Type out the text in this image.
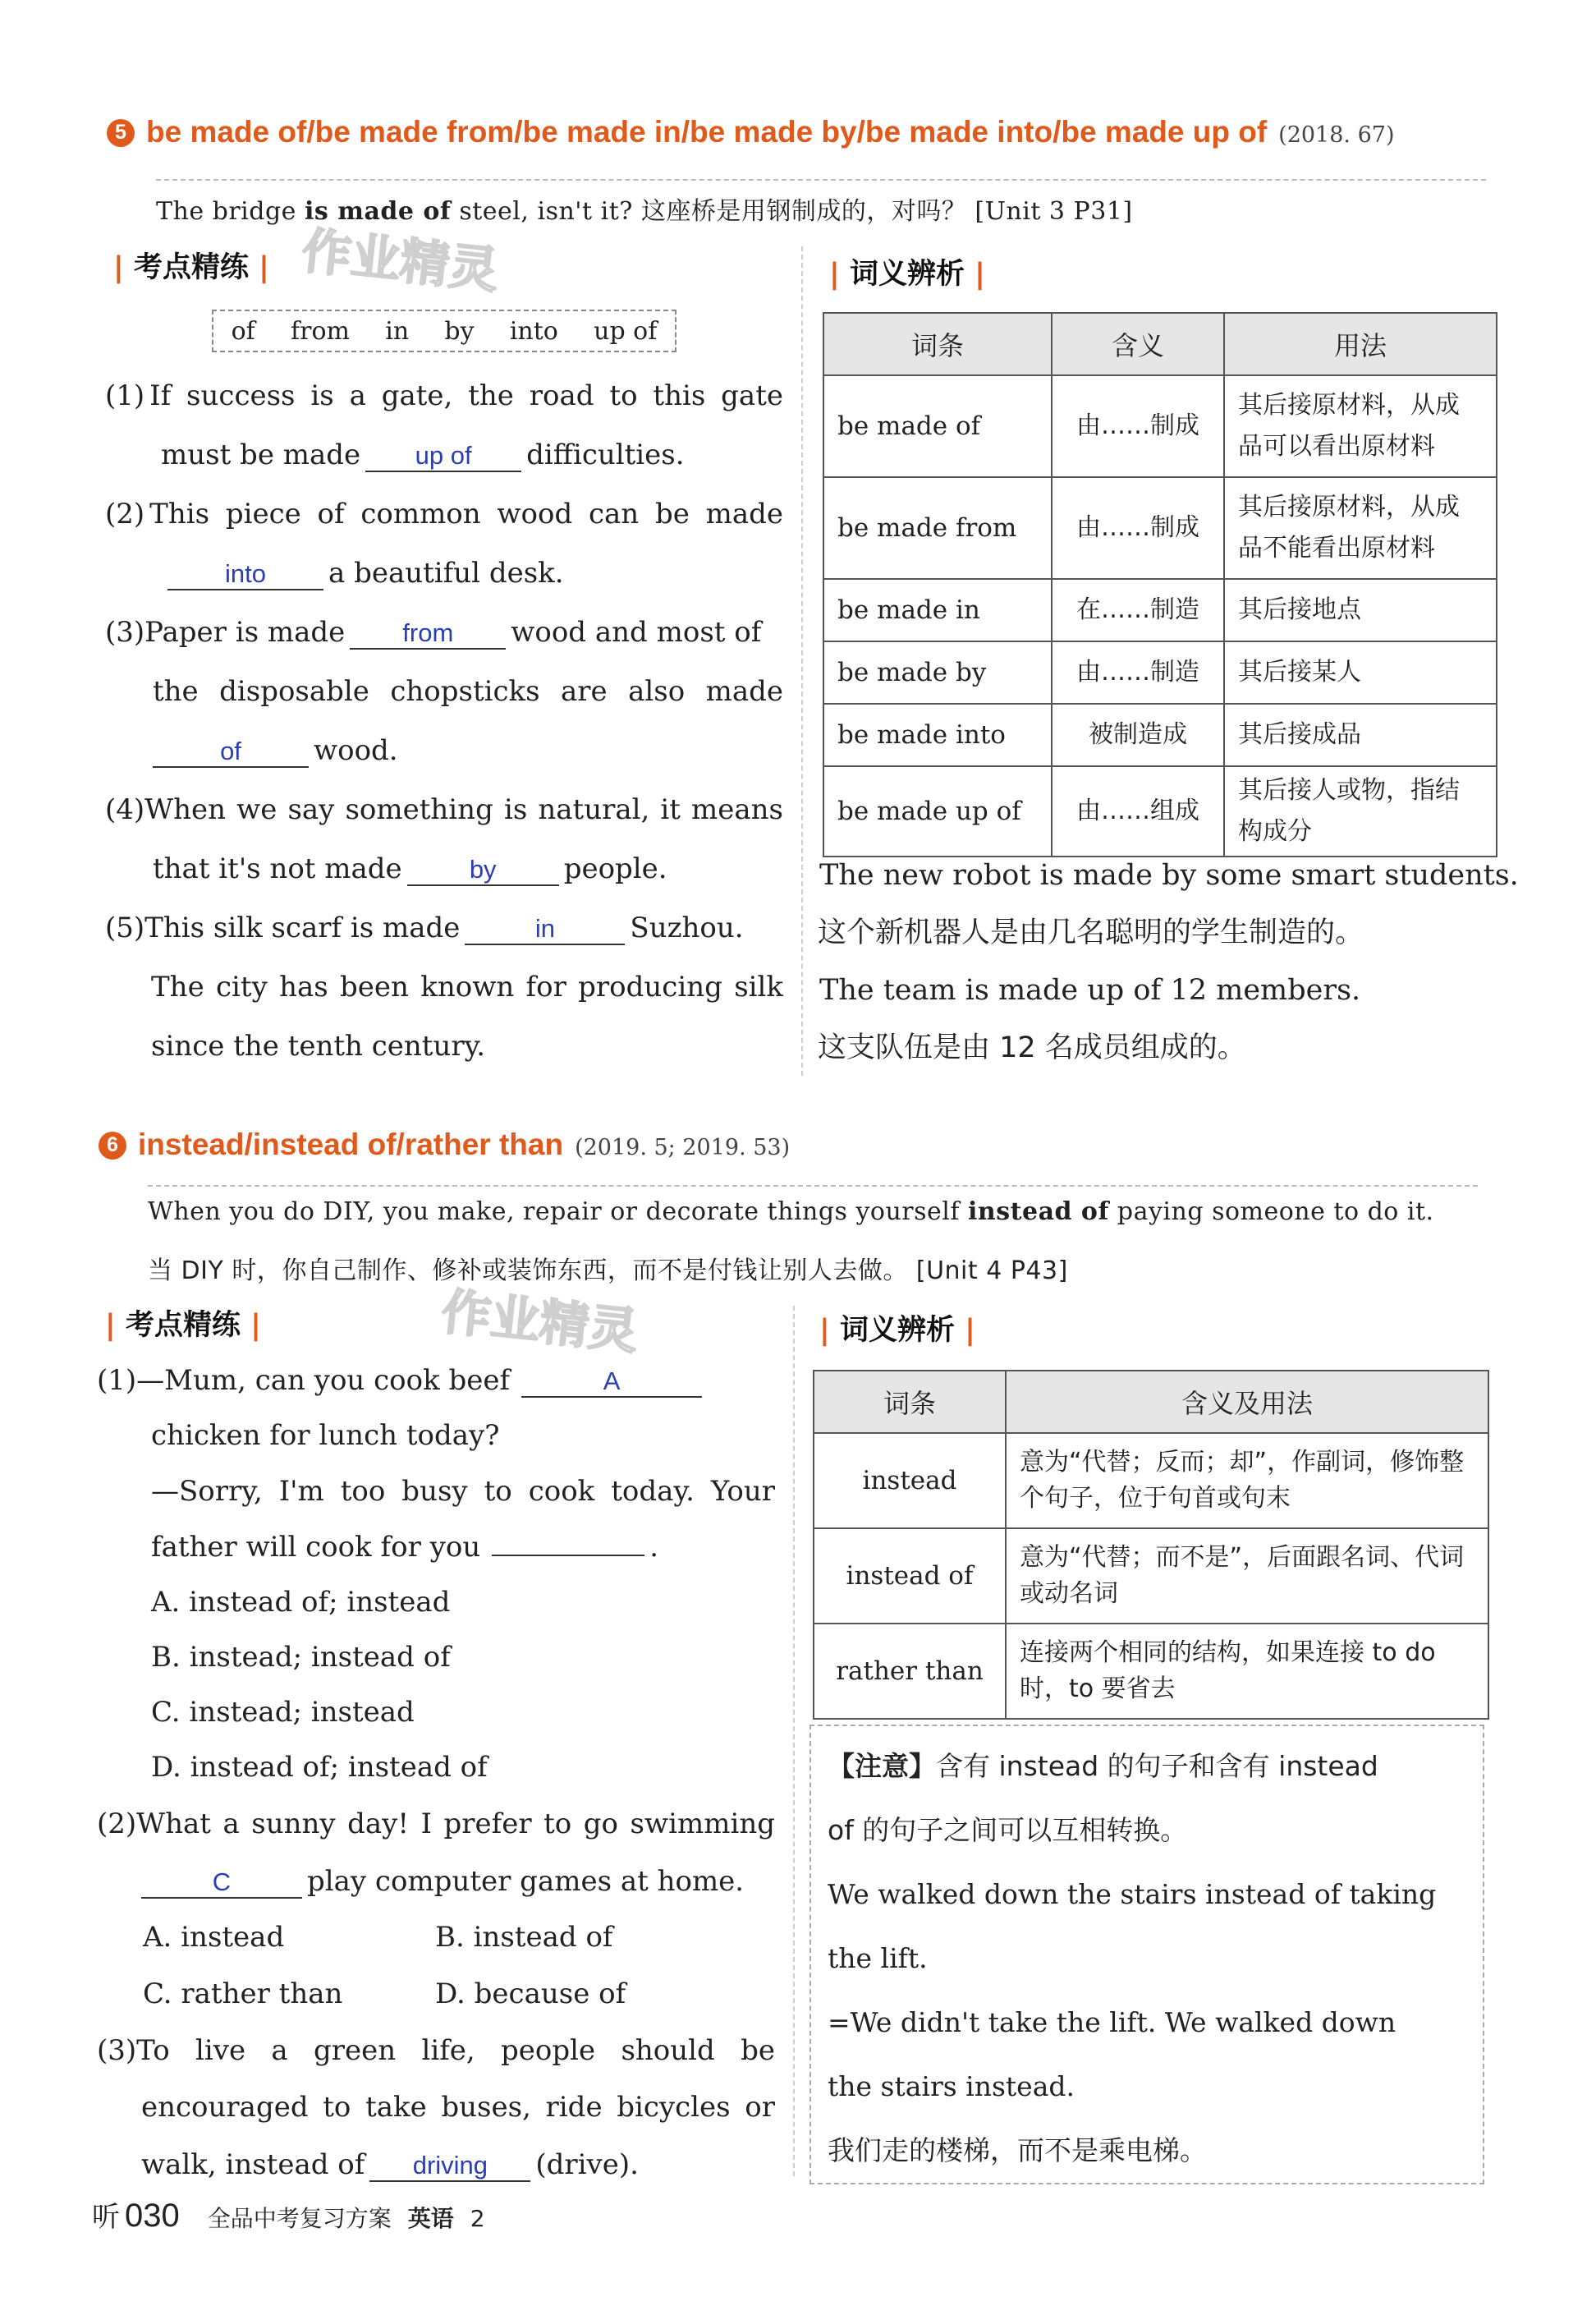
5 be made of/be made from/be made in/be made by/be made into/be made up of (2018. 67)
The bridge is made of steel, isn't it? 这座桥是用钢制成的，对吗？ [Unit 3 P31]
| 考点精练 | 作业精灵	| 词义辨析 |
of from in by into up of
(1) If success is a gate, the road to this gate
must be made up of difficulties.
(2) This piece of common wood can be made
into a beautiful desk.
(3)Paper is made from wood and most of
the disposable chopsticks are also made
of	wood.
(4) When we say something is natural, it means
that it's not made	by people.
(5)This silk scarf is made	in	Suzhou.
The city has been known for producing silk
since the tenth century.
词条	含义	用法
be made of	由……制成	其后接原材料，从成品可以看出原材料
be made from	由……制成	其后接原材料，从成品不能看出原材料
be made in	在……制造	其后接地点
be made by	由……制造	其后接某人
be made into	被制造成	其后接成品
be made up of	由……组成	其后接人或物，指结构成分
The new robot is made by some smart students.
这个新机器人是由几名聪明的学生制造的。
The team is made up of 12 members.
这支队伍是由 12 名成员组成的。
6 instead/instead of/rather than (2019. 5; 2019. 53)
When you do DIY, you make, repair or decorate things yourself instead of paying someone to do it.
当 DIY 时，你自己制作、修补或装饰东西，而不是付钱让别人去做。 [Unit 4 P43]
| 考点精练 |	作业精灵	| 词义辨析 |
(1)—Mum, can you cook beef	A
chicken for lunch today?
—Sorry, I'm too busy to cook today. Your
father will cook for you	.
A. instead of; instead
B. instead; instead of
C. instead; instead
D. instead of; instead of
(2) What a sunny day! I prefer to go swimming
C	play computer games at home.
A. instead	B. instead of
C. rather than	D. because of
(3) To live a green life, people should be
encouraged to take buses, ride bicycles or
walk, instead of driving (drive).
词条	含义及用法
instead	意为“代替；反而；却”，作副词，修饰整个句子，位于句首或句末
instead of	意为“代替；而不是”，后面跟名词、代词或动名词
rather than	连接两个相同的结构，如果连接 to do 时，to 要省去
【注意】含有 instead 的句子和含有 instead
of 的句子之间可以互相转换。
We walked down the stairs instead of taking
the lift.
=We didn't take the lift. We walked down
the stairs instead.
我们走的楼梯，而不是乘电梯。
听 030 全品中考复习方案 英语 2
